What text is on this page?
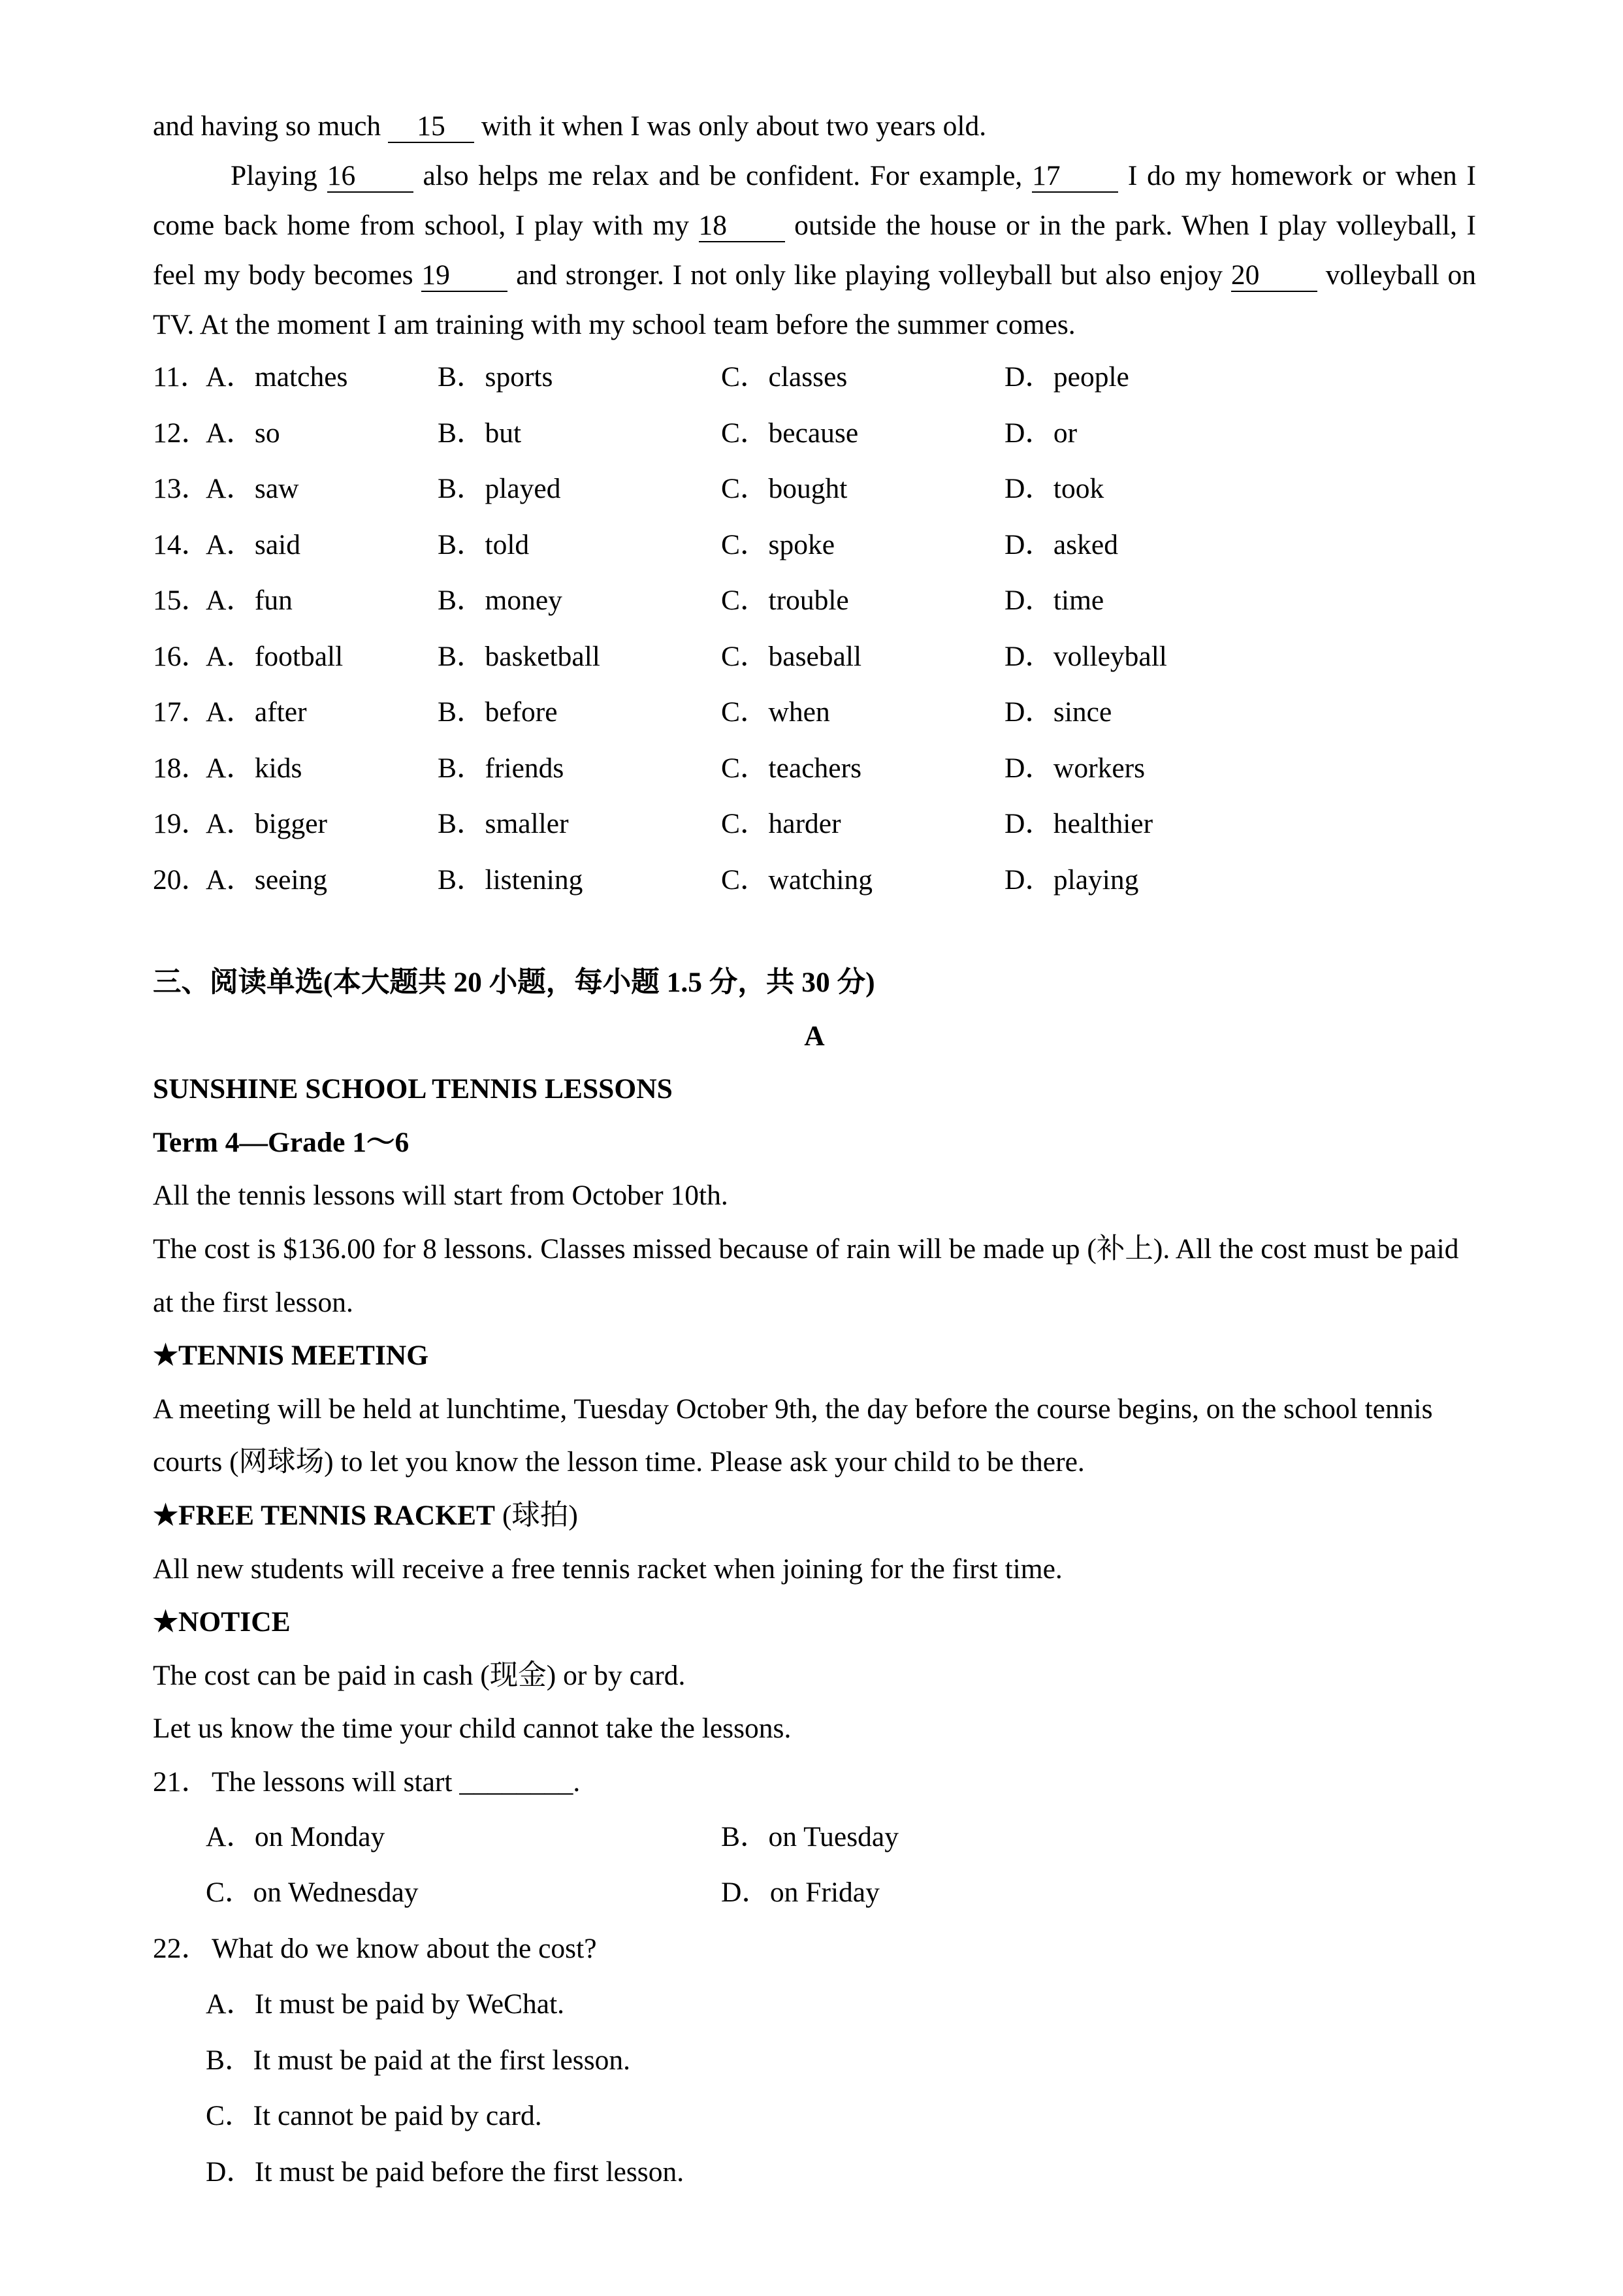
and having so much 15 with it when I was only about two years old.
Playing 16 also helps me relax and be confident. For example, 17 I do my homework or when I
come back home from school, I play with my 18 outside the house or in the park. When I play volleyball, I
feel my body becomes 19 and stronger. I not only like playing volleyball but also enjoy 20 volleyball on
TV. At the moment I am training with my school team before the summer comes.
11．
A．matches	B．sports	C．classes	D．people
12．
A．so	B．but	C．because	D．or
13．
A．saw	B．played	C．bought	D．took
14．
A．said	B．told	C．spoke	D．asked
15．
A．fun	B．money	C．trouble	D．time
16．
A．football	B．basketball	C．baseball	D．volleyball
17．
A．after	B．before	C．when	D．since
18．
A．kids	B．friends	C．teachers	D．workers
19．
A．bigger	B．smaller	C．harder	D．healthier
20．
A．seeing	B．listening	C．watching	D．playing
三、阅读单选(本大题共 20 小题，每小题 1.5 分，共 30 分)
A
SUNSHINE SCHOOL TENNIS LESSONS
Term 4—Grade 1～6
All the tennis lessons will start from October 10th.
The cost is $136.00 for 8 lessons. Classes missed because of rain will be made up (补上). All the cost must be paid
at the first lesson.
★TENNIS MEETING
A meeting will be held at lunchtime, Tuesday October 9th, the day before the course begins, on the school tennis
courts (网球场) to let you know the lesson time. Please ask your child to be there.
★FREE TENNIS RACKET (球拍)
All new students will receive a free tennis racket when joining for the first time.
★NOTICE
The cost can be paid in cash (现金) or by card.
Let us know the time your child cannot take the lessons.
21． The lessons will start ________.
A．on Monday	B．on Tuesday
C．on Wednesday	D．on Friday
22． What do we know about the cost?
A．It must be paid by WeChat.
B．It must be paid at the first lesson.
C．It cannot be paid by card.
D．It must be paid before the first lesson.
